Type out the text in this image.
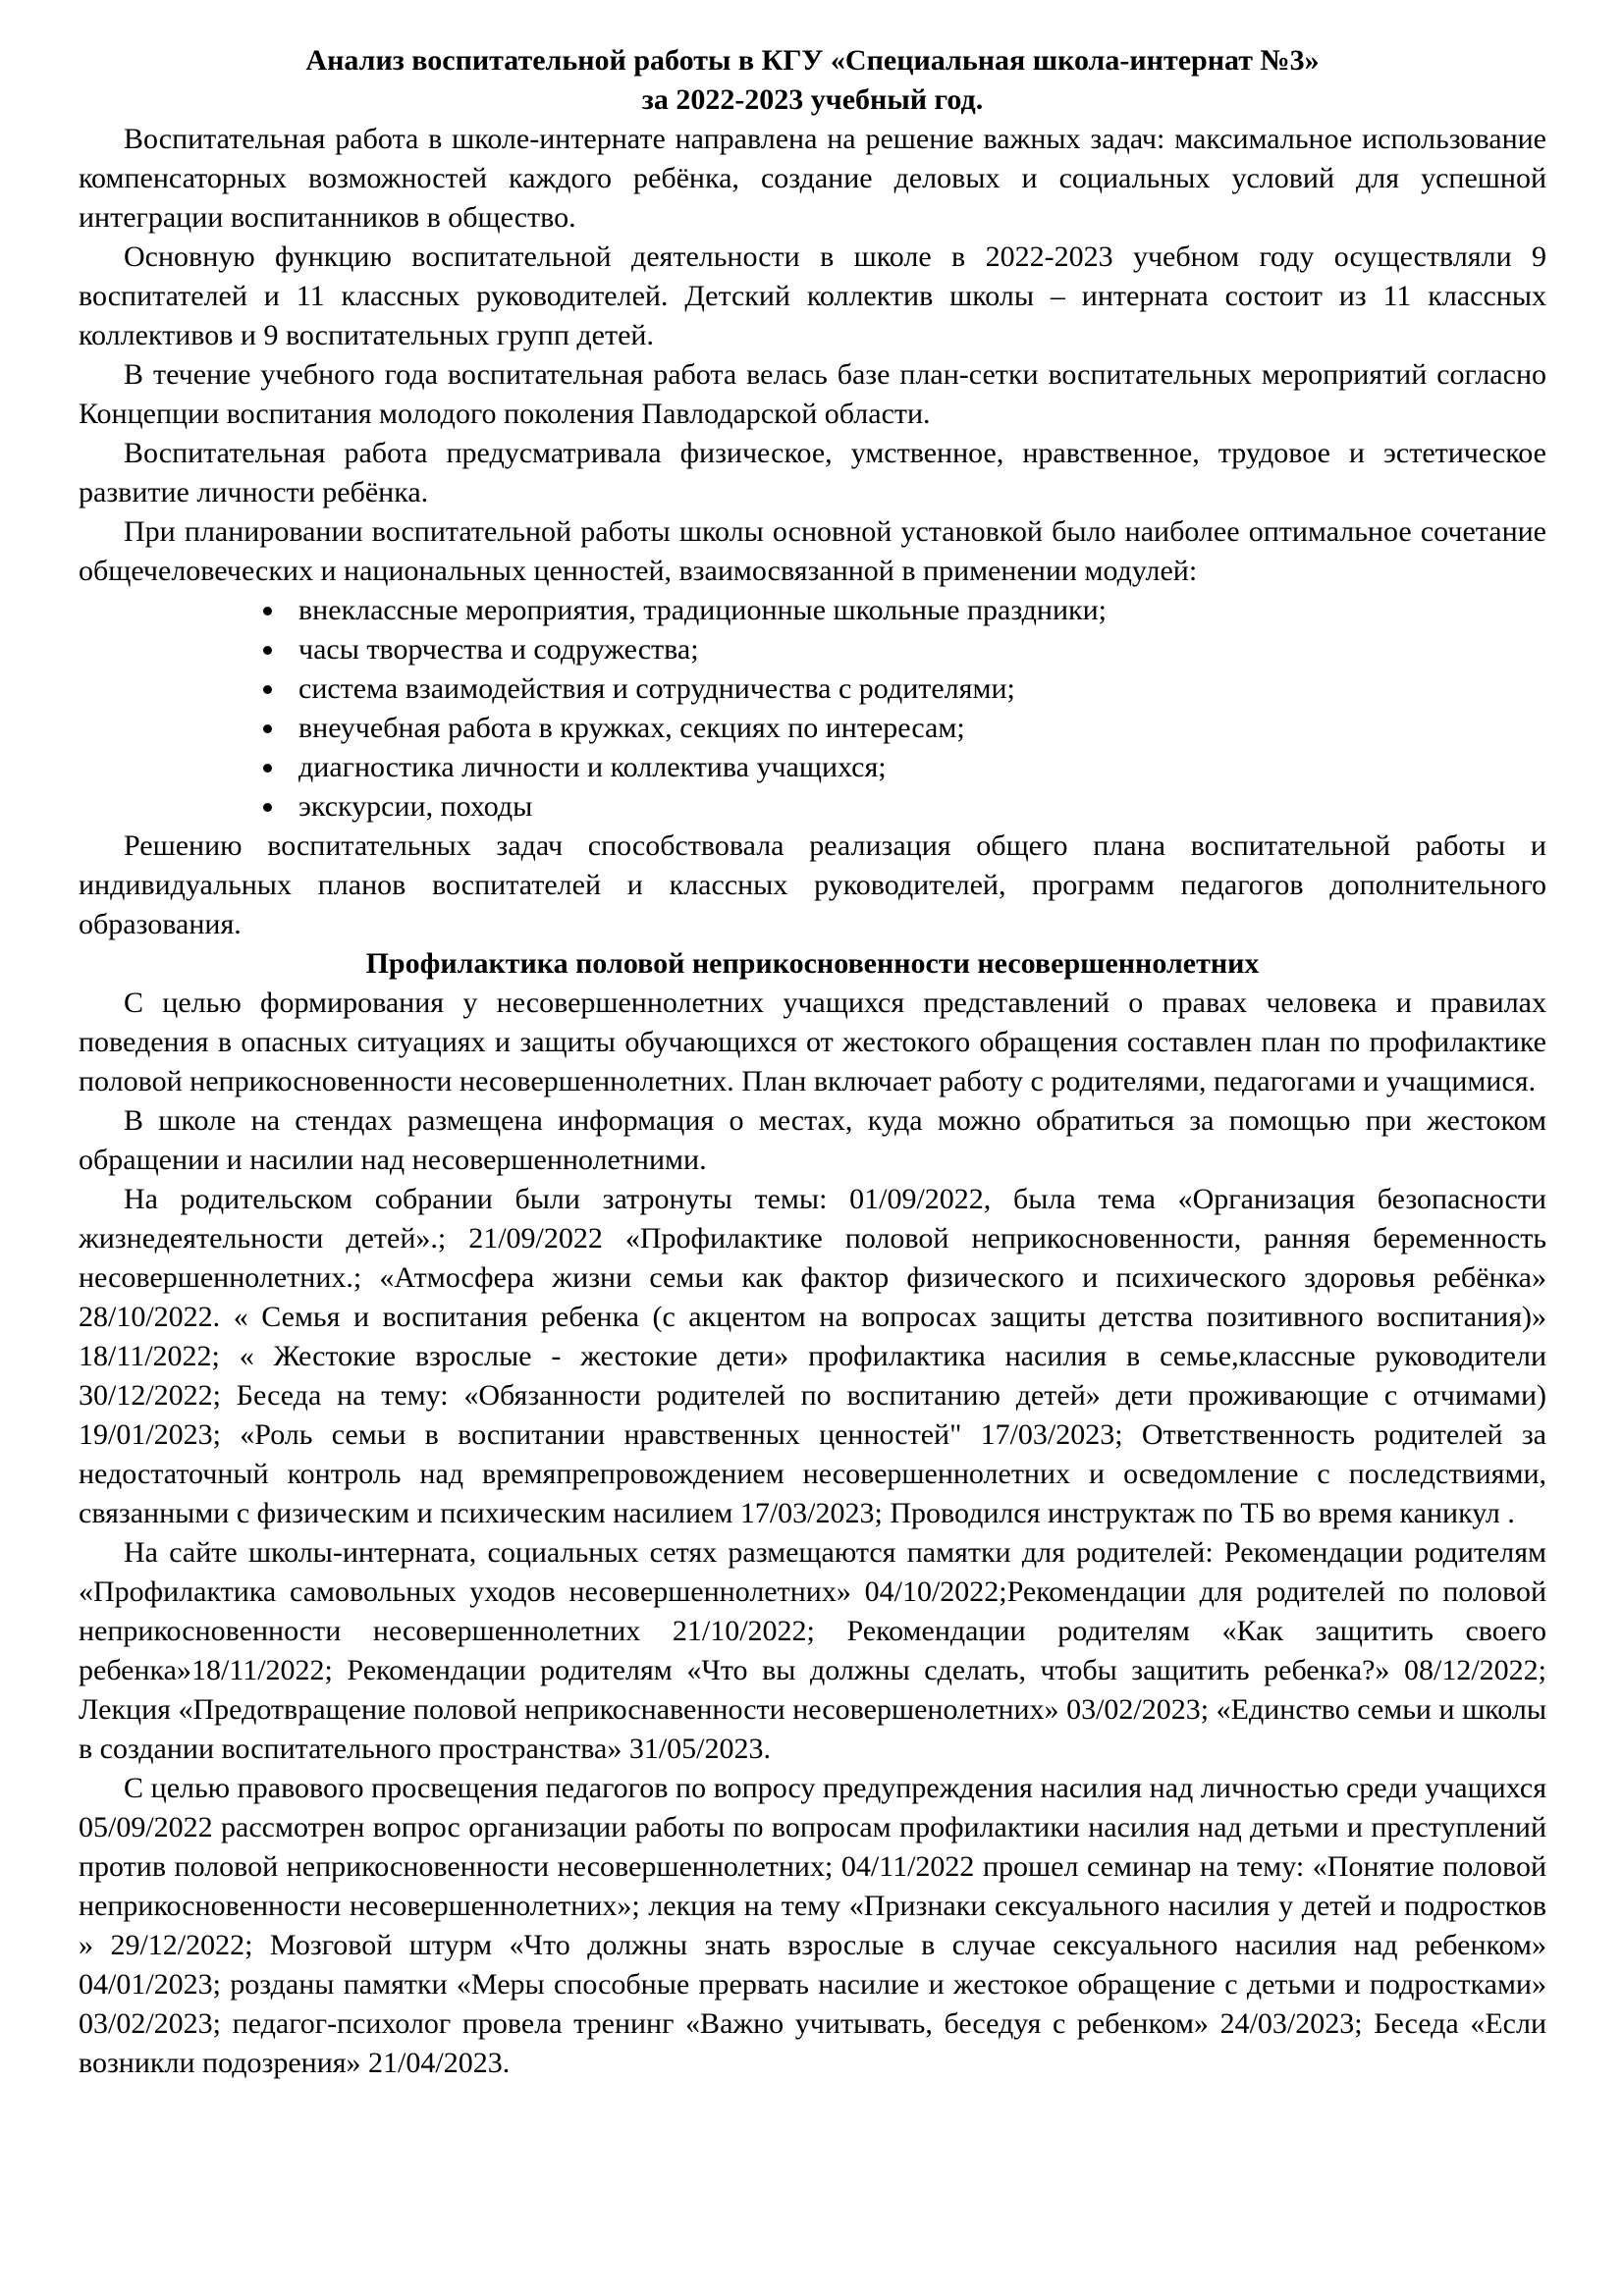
Анализ воспитательной работы в КГУ «Специальная школа-интернат №3»
за 2022-2023 учебный год.

Воспитательная работа в школе-интернате направлена на решение важных задач: максимальное использование компенсаторных возможностей каждого ребёнка, создание деловых и социальных условий для успешной интеграции воспитанников в общество.

Основную функцию воспитательной деятельности в школе в 2022-2023 учебном году осуществляли 9 воспитателей и 11 классных руководителей. Детский коллектив школы – интерната состоит из 11 классных коллективов и 9 воспитательных групп детей.

В течение учебного года воспитательная работа велась базе план-сетки воспитательных мероприятий согласно Концепции воспитания молодого поколения Павлодарской области.

Воспитательная работа предусматривала физическое, умственное, нравственное, трудовое и эстетическое развитие личности ребёнка.

При планировании воспитательной работы школы основной установкой было наиболее оптимальное сочетание общечеловеческих и национальных ценностей, взаимосвязанной в применении модулей:

• внеклассные мероприятия, традиционные школьные праздники;
• часы творчества и содружества;
• система взаимодействия и сотрудничества с родителями;
• внеучебная работа в кружках, секциях по интересам;
• диагностика личности и коллектива учащихся;
• экскурсии, походы

Решению воспитательных задач способствовала реализация общего плана воспитательной работы и индивидуальных планов воспитателей и классных руководителей, программ педагогов дополнительного образования.

Профилактика половой неприкосновенности несовершеннолетних

С целью формирования у несовершеннолетних учащихся представлений о правах человека и правилах поведения в опасных ситуациях и защиты обучающихся от жестокого обращения составлен план по профилактике половой неприкосновенности несовершеннолетних. План включает работу с родителями, педагогами и учащимися.

В школе на стендах размещена информация о местах, куда можно обратиться за помощью при жестоком обращении и насилии над несовершеннолетними.

На родительском собрании были затронуты темы: 01/09/2022, была тема «Организация безопасности жизнедеятельности детей».; 21/09/2022 «Профилактике половой неприкосновенности, ранняя беременность несовершеннолетних.; «Атмосфера жизни семьи как фактор физического и психического здоровья ребёнка» 28/10/2022. « Семья и воспитания ребенка (с акцентом на вопросах защиты детства позитивного воспитания)» 18/11/2022; « Жестокие взрослые - жестокие дети» профилактика насилия в семье,классные руководители 30/12/2022; Беседа на тему: «Обязанности родителей по воспитанию детей» дети проживающие с отчимами) 19/01/2023; «Роль семьи в воспитании нравственных ценностей" 17/03/2023; Ответственность родителей за недостаточный контроль над времяпрепровождением несовершеннолетних и осведомление с последствиями, связанными с физическим и психическим насилием 17/03/2023; Проводился инструктаж по ТБ во время каникул .

На сайте школы-интерната, социальных сетях размещаются памятки для родителей: Рекомендации родителям «Профилактика самовольных уходов несовершеннолетних» 04/10/2022;Рекомендации для родителей по половой неприкосновенности несовершеннолетних 21/10/2022; Рекомендации родителям «Как защитить своего ребенка»18/11/2022; Рекомендации родителям «Что вы должны сделать, чтобы защитить ребенка?» 08/12/2022; Лекция «Предотвращение половой неприкоснавенности несовершенолетних» 03/02/2023; «Единство семьи и школы в создании воспитательного пространства» 31/05/2023.

С целью правового просвещения педагогов по вопросу предупреждения насилия над личностью среди учащихся 05/09/2022 рассмотрен вопрос организации работы по вопросам профилактики насилия над детьми и преступлений против половой неприкосновенности несовершеннолетних; 04/11/2022 прошел семинар на тему: «Понятие половой неприкосновенности несовершеннолетних»; лекция на тему «Признаки сексуального насилия у детей и подростков » 29/12/2022; Мозговой штурм «Что должны знать взрослые в случае сексуального насилия над ребенком» 04/01/2023; розданы памятки «Меры способные прервать насилие и жестокое обращение с детьми и подростками» 03/02/2023; педагог-психолог провела тренинг «Важно учитывать, беседуя с ребенком» 24/03/2023; Беседа «Если возникли подозрения» 21/04/2023.
